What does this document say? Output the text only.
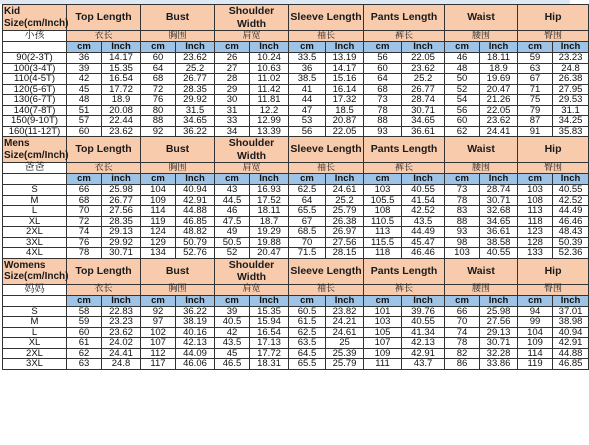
Kid
Size(cm/Inch)	Top Length		Bust		Shoulder Width		Sleeve Length		Pants Length		Waist		Hip	
小孩	衣长		胸围		肩宽		袖长		裤长		腰围		臀围	
	cm	Inch	cm	Inch	cm	Inch	cm	Inch	cm	Inch	cm	Inch	cm	Inch
90(2-3T)	36	14.17	60	23.62	26	10.24	33.5	13.19	56	22.05	46	18.11	59	23.23
100(3-4T)	39	15.35	64	25.2	27	10.63	36	14.17	60	23.62	48	18.9	63	24.8
110(4-5T)	42	16.54	68	26.77	28	11.02	38.5	15.16	64	25.2	50	19.69	67	26.38
120(5-6T)	45	17.72	72	28.35	29	11.42	41	16.14	68	26.77	52	20.47	71	27.95
130(6-7T)	48	18.9	76	29.92	30	11.81	44	17.32	73	28.74	54	21.26	75	29.53
140(7-8T)	51	20.08	80	31.5	31	12.2	47	18.5	78	30.71	56	22.05	79	31.1
150(9-10T)	57	22.44	88	34.65	33	12.99	53	20.87	88	34.65	60	23.62	87	34.25
160(11-12T)	60	23.62	92	36.22	34	13.39	56	22.05	93	36.61	62	24.41	91	35.83
Mens
Size(cm/Inch)	Top Length		Bust		Shoulder Width		Sleeve Length		Pants Length		Waist		Hip	
爸爸	衣长		胸围		肩宽		袖长		裤长		腰围		臀围	
	cm	inch	cm	Inch	cm	Inch	cm	Inch	cm	Inch	cm	Inch	cm	Inch
S	66	25.98	104	40.94	43	16.93	62.5	24.61	103	40.55	73	28.74	103	40.55
M	68	26.77	109	42.91	44.5	17.52	64	25.2	105.5	41.54	78	30.71	108	42.52
L	70	27.56	114	44.88	46	18.11	65.5	25.79	108	42.52	83	32.68	113	44.49
XL	72	28.35	119	46.85	47.5	18.7	67	26.38	110.5	43.5	88	34.65	118	46.46
2XL	74	29.13	124	48.82	49	19.29	68.5	26.97	113	44.49	93	36.61	123	48.43
3XL	76	29.92	129	50.79	50.5	19.88	70	27.56	115.5	45.47	98	38.58	128	50.39
4XL	78	30.71	134	52.76	52	20.47	71.5	28.15	118	46.46	103	40.55	133	52.36
Womens
Size(cm/Inch)	Top Length		Bust		Shoulder Width		Sleeve Length		Pants Length		Waist		Hip	
妈妈	衣长		胸围		肩宽		袖长		裤长		腰围		臀围	
	cm	Inch	cm	Inch	cm	Inch	cm	Inch	cm	Inch	cm	Inch	cm	Inch
S	58	22.83	92	36.22	39	15.35	60.5	23.82	101	39.76	66	25.98	94	37.01
M	59	23.23	97	38.19	40.5	15.94	61.5	24.21	103	40.55	70	27.56	99	38.98
L	60	23.62	102	40.16	42	16.54	62.5	24.61	105	41.34	74	29.13	104	40.94
XL	61	24.02	107	42.13	43.5	17.13	63.5	25	107	42.13	78	30.71	109	42.91
2XL	62	24.41	112	44.09	45	17.72	64.5	25.39	109	42.91	82	32.28	114	44.88
3XL	63	24.8	117	46.06	46.5	18.31	65.5	25.79	111	43.7	86	33.86	119	46.85
